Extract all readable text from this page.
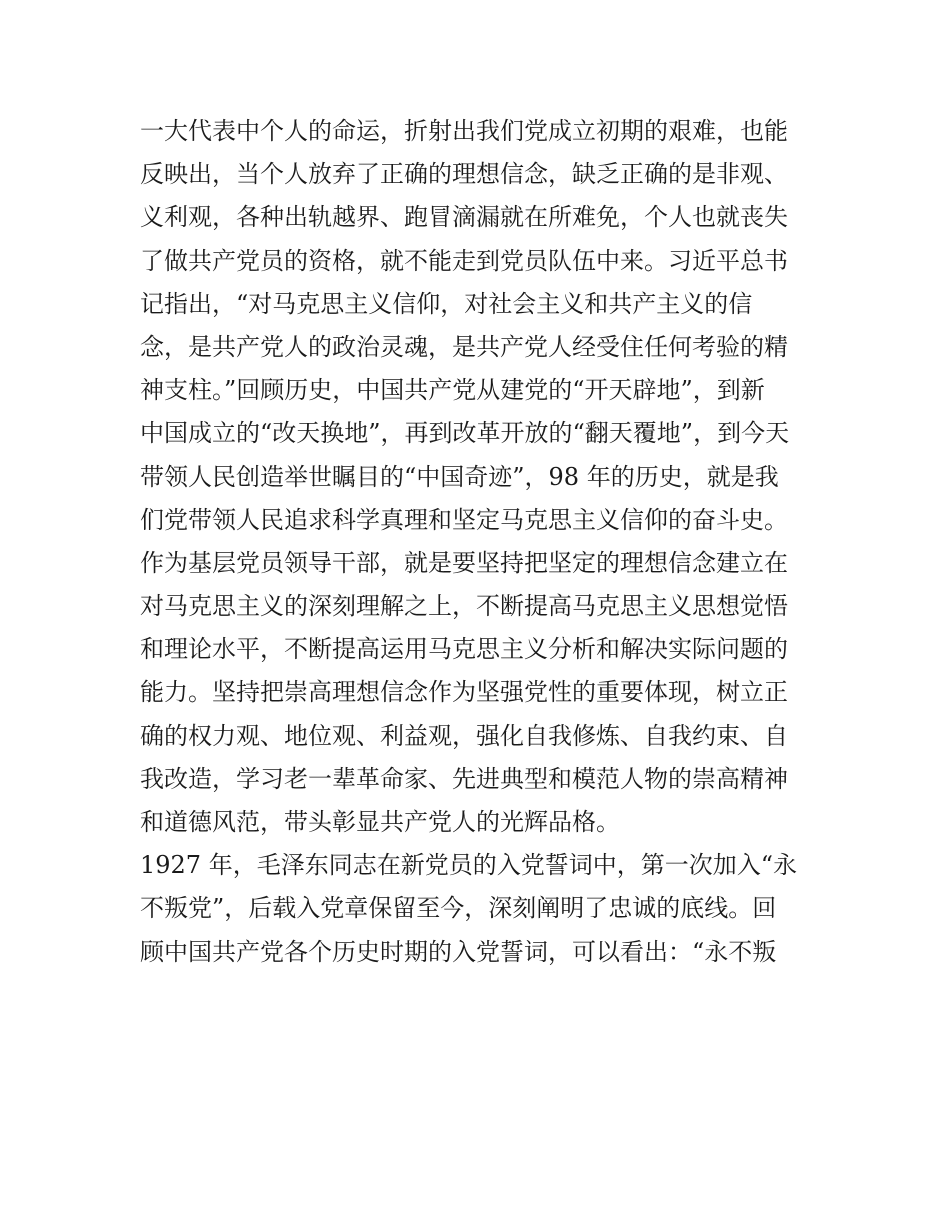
一大代表中个人的命运，折射出我们党成立初期的艰难，也能
反映出，当个人放弃了正确的理想信念，缺乏正确的是非观、
义利观，各种出轨越界、跑冒滴漏就在所难免，个人也就丧失
了做共产党员的资格，就不能走到党员队伍中来。习近平总书
记指出，“对马克思主义信仰，对社会主义和共产主义的信
念，是共产党人的政治灵魂，是共产党人经受住任何考验的精
神支柱。”回顾历史，中国共产党从建党的“开天辟地”，到新
中国成立的“改天换地”，再到改革开放的“翻天覆地”，到今天
带领人民创造举世瞩目的“中国奇迹”，98 年的历史，就是我
们党带领人民追求科学真理和坚定马克思主义信仰的奋斗史。
作为基层党员领导干部，就是要坚持把坚定的理想信念建立在
对马克思主义的深刻理解之上，不断提高马克思主义思想觉悟
和理论水平，不断提高运用马克思主义分析和解决实际问题的
能力。坚持把崇高理想信念作为坚强党性的重要体现，树立正
确的权力观、地位观、利益观，强化自我修炼、自我约束、自
我改造，学习老一辈革命家、先进典型和模范人物的崇高精神
和道德风范，带头彰显共产党人的光辉品格。
1927 年，毛泽东同志在新党员的入党誓词中，第一次加入“永
不叛党”，后载入党章保留至今，深刻阐明了忠诚的底线。回
顾中国共产党各个历史时期的入党誓词，可以看出：“永不叛
